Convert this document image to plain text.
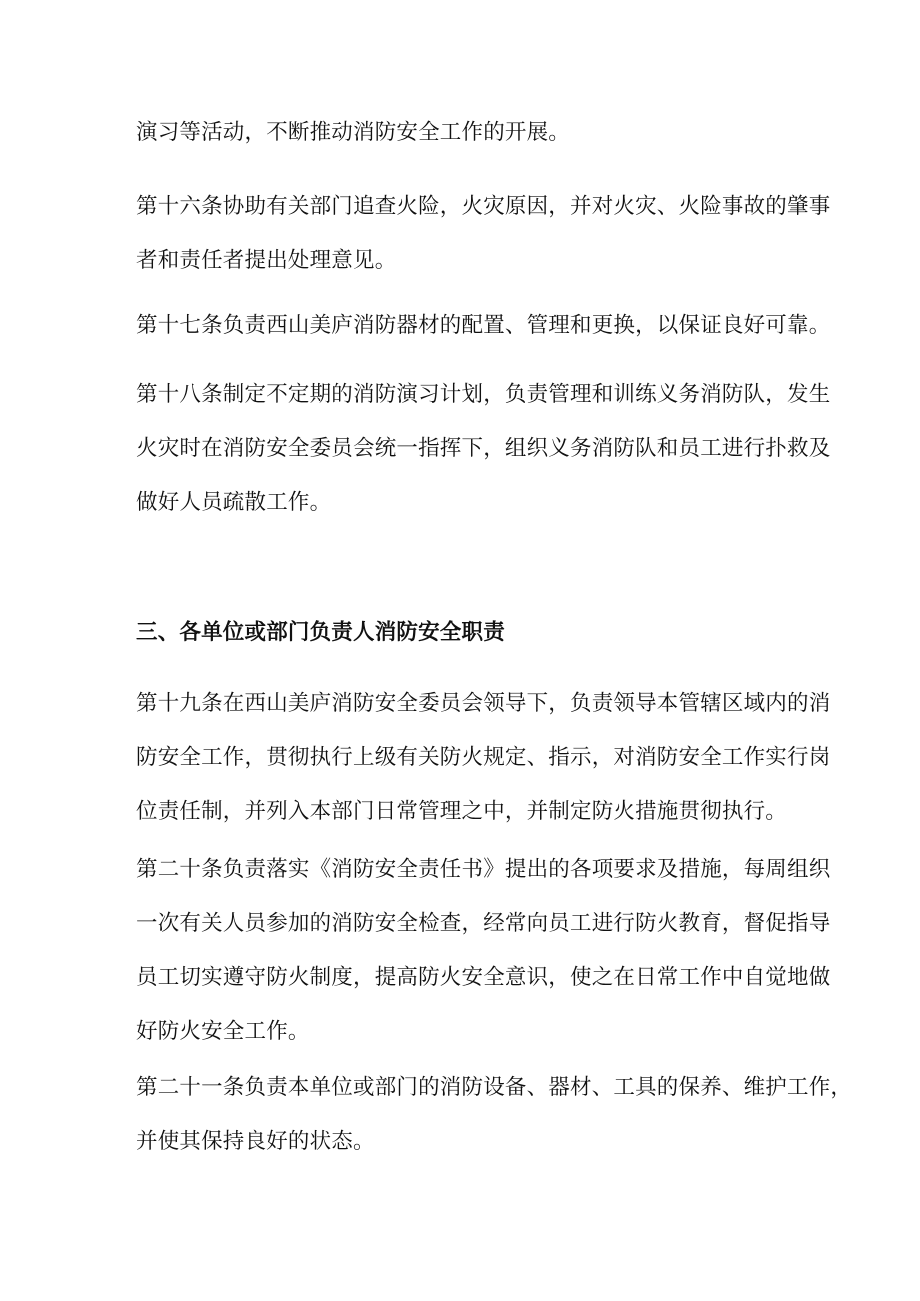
演习等活动，不断推动消防安全工作的开展。

第十六条协助有关部门追查火险，火灾原因，并对火灾、火险事故的肇事
者和责任者提出处理意见。

第十七条负责西山美庐消防器材的配置、管理和更换，以保证良好可靠。

第十八条制定不定期的消防演习计划，负责管理和训练义务消防队，发生
火灾时在消防安全委员会统一指挥下，组织义务消防队和员工进行扑救及
做好人员疏散工作。

三、各单位或部门负责人消防安全职责

第十九条在西山美庐消防安全委员会领导下，负责领导本管辖区域内的消
防安全工作，贯彻执行上级有关防火规定、指示，对消防安全工作实行岗
位责任制，并列入本部门日常管理之中，并制定防火措施贯彻执行。

第二十条负责落实《消防安全责任书》提出的各项要求及措施，每周组织
一次有关人员参加的消防安全检查，经常向员工进行防火教育，督促指导
员工切实遵守防火制度，提高防火安全意识，使之在日常工作中自觉地做
好防火安全工作。

第二十一条负责本单位或部门的消防设备、器材、工具的保养、维护工作，
并使其保持良好的状态。
